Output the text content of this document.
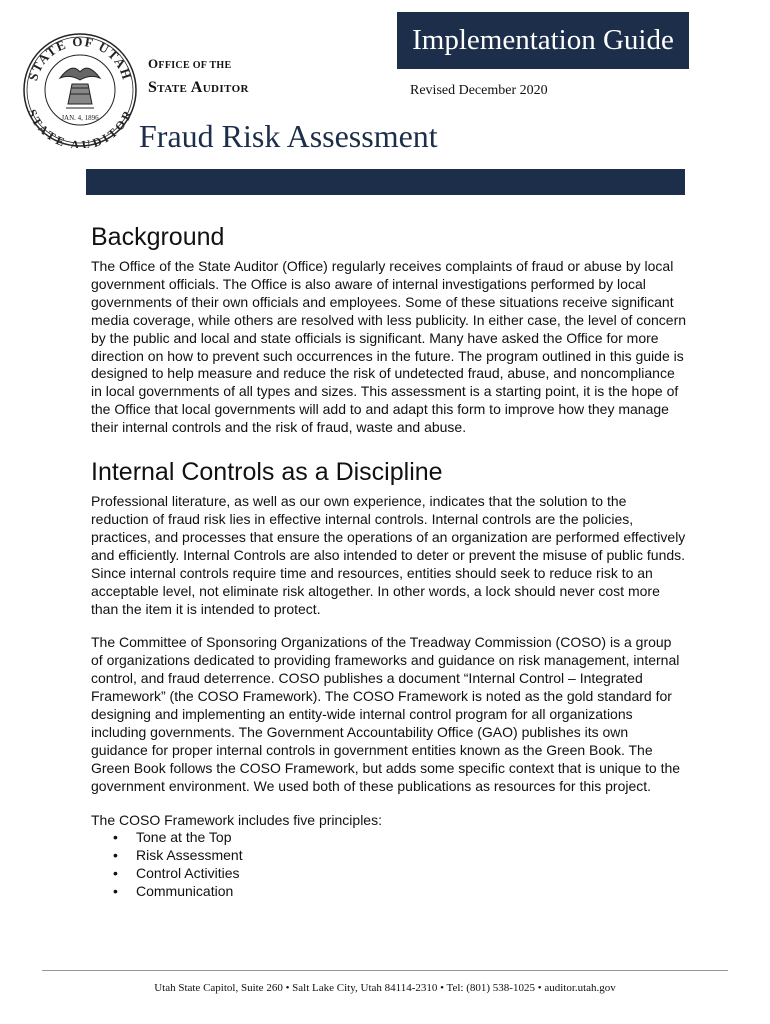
STATE OF UTAH
STATE AUDITOR
JAN. 4, 1896
OFFICE OF THE
State Auditor
Implementation Guide
Revised December 2020
Fraud Risk Assessment
Background

The Office of the State Auditor (Office) regularly receives complaints of fraud or abuse by local government officials. The Office is also aware of internal investigations performed by local governments of their own officials and employees. Some of these situations receive significant media coverage, while others are resolved with less publicity. In either case, the level of concern by the public and local and state officials is significant. Many have asked the Office for more direction on how to prevent such occurrences in the future. The program outlined in this guide is designed to help measure and reduce the risk of undetected fraud, abuse, and noncompliance in local governments of all types and sizes. This assessment is a starting point, it is the hope of the Office that local governments will add to and adapt this form to improve how they manage their internal controls and the risk of fraud, waste and abuse.

Internal Controls as a Discipline

Professional literature, as well as our own experience, indicates that the solution to the reduction of fraud risk lies in effective internal controls. Internal controls are the policies, practices, and processes that ensure the operations of an organization are performed effectively and efficiently. Internal Controls are also intended to deter or prevent the misuse of public funds. Since internal controls require time and resources, entities should seek to reduce risk to an acceptable level, not eliminate risk altogether. In other words, a lock should never cost more than the item it is intended to protect.

The Committee of Sponsoring Organizations of the Treadway Commission (COSO) is a group of organizations dedicated to providing frameworks and guidance on risk management, internal control, and fraud deterrence. COSO publishes a document “Internal Control – Integrated Framework” (the COSO Framework). The COSO Framework is noted as the gold standard for designing and implementing an entity-wide internal control program for all organizations including governments. The Government Accountability Office (GAO) publishes its own guidance for proper internal controls in government entities known as the Green Book. The Green Book follows the COSO Framework, but adds some specific context that is unique to the government environment. We used both of these publications as resources for this project.

The COSO Framework includes five principles:

• Tone at the Top
• Risk Assessment
• Control Activities
• Communication
Utah State Capitol, Suite 260 • Salt Lake City, Utah 84114-2310 • Tel: (801) 538-1025 • auditor.utah.gov
